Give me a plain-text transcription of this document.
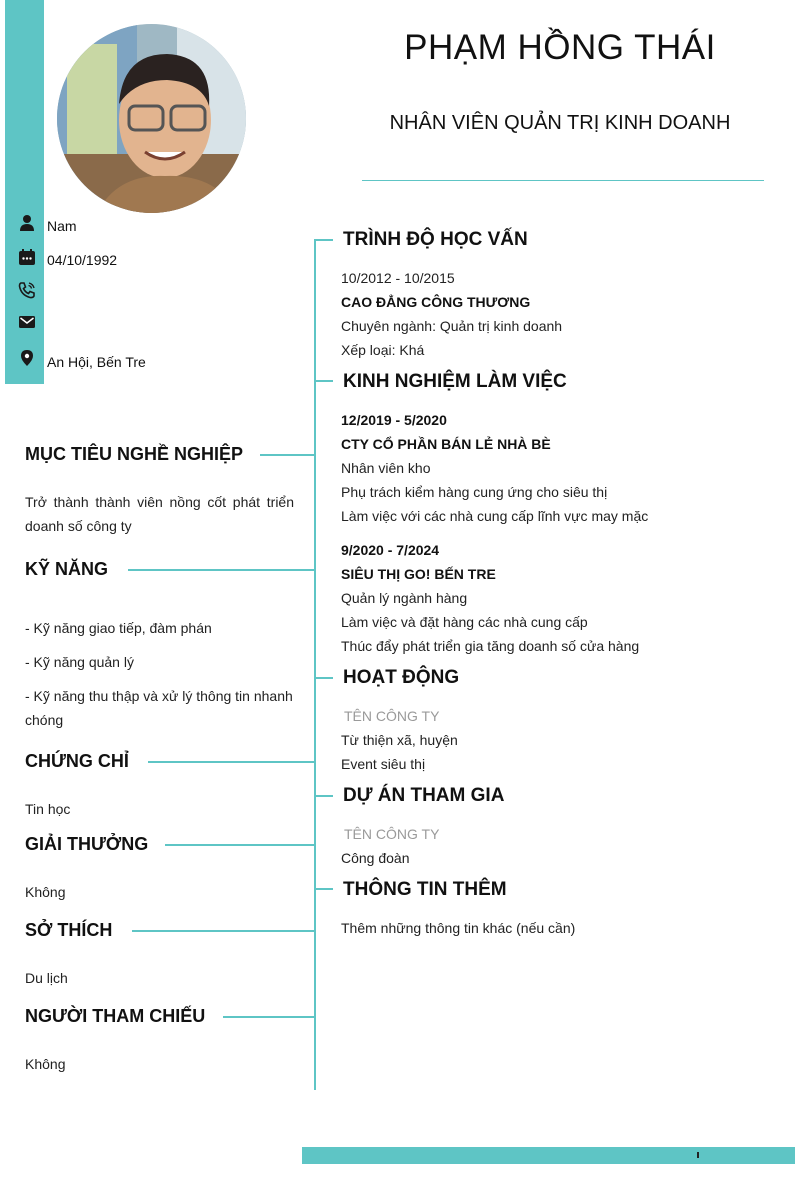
PHẠM HỒNG THÁI
NHÂN VIÊN QUẢN TRỊ KINH DOANH
Nam
04/10/1992
An Hội, Bến Tre
MỤC TIÊU NGHỀ NGHIỆP
Trở thành thành viên nồng cốt phát triển doanh số công ty
KỸ NĂNG
- Kỹ năng giao tiếp, đàm phán
- Kỹ năng quản lý
- Kỹ năng thu thập và xử lý thông tin nhanh chóng
CHỨNG CHỈ
Tin học
GIẢI THƯỞNG
Không
SỞ THÍCH
Du lịch
NGƯỜI THAM CHIẾU
Không
TRÌNH ĐỘ HỌC VẤN
10/2012 - 10/2015
CAO ĐẲNG CÔNG THƯƠNG
Chuyên ngành: Quản trị kinh doanh
Xếp loại: Khá
KINH NGHIỆM LÀM VIỆC
12/2019 - 5/2020
CTY CỔ PHẦN BÁN LẺ NHÀ BÈ
Nhân viên kho
Phụ trách kiểm hàng cung ứng cho siêu thị
Làm việc với các nhà cung cấp lĩnh vực may mặc
9/2020 - 7/2024
SIÊU THỊ GO! BẾN TRE
Quản lý ngành hàng
Làm việc và đặt hàng các nhà cung cấp
Thúc đẩy phát triển gia tăng doanh số cửa hàng
HOẠT ĐỘNG
TÊN CÔNG TY
Từ thiện xã, huyện
Event siêu thị
DỰ ÁN THAM GIA
TÊN CÔNG TY
Công đoàn
THÔNG TIN THÊM
Thêm những thông tin khác (nếu cần)
